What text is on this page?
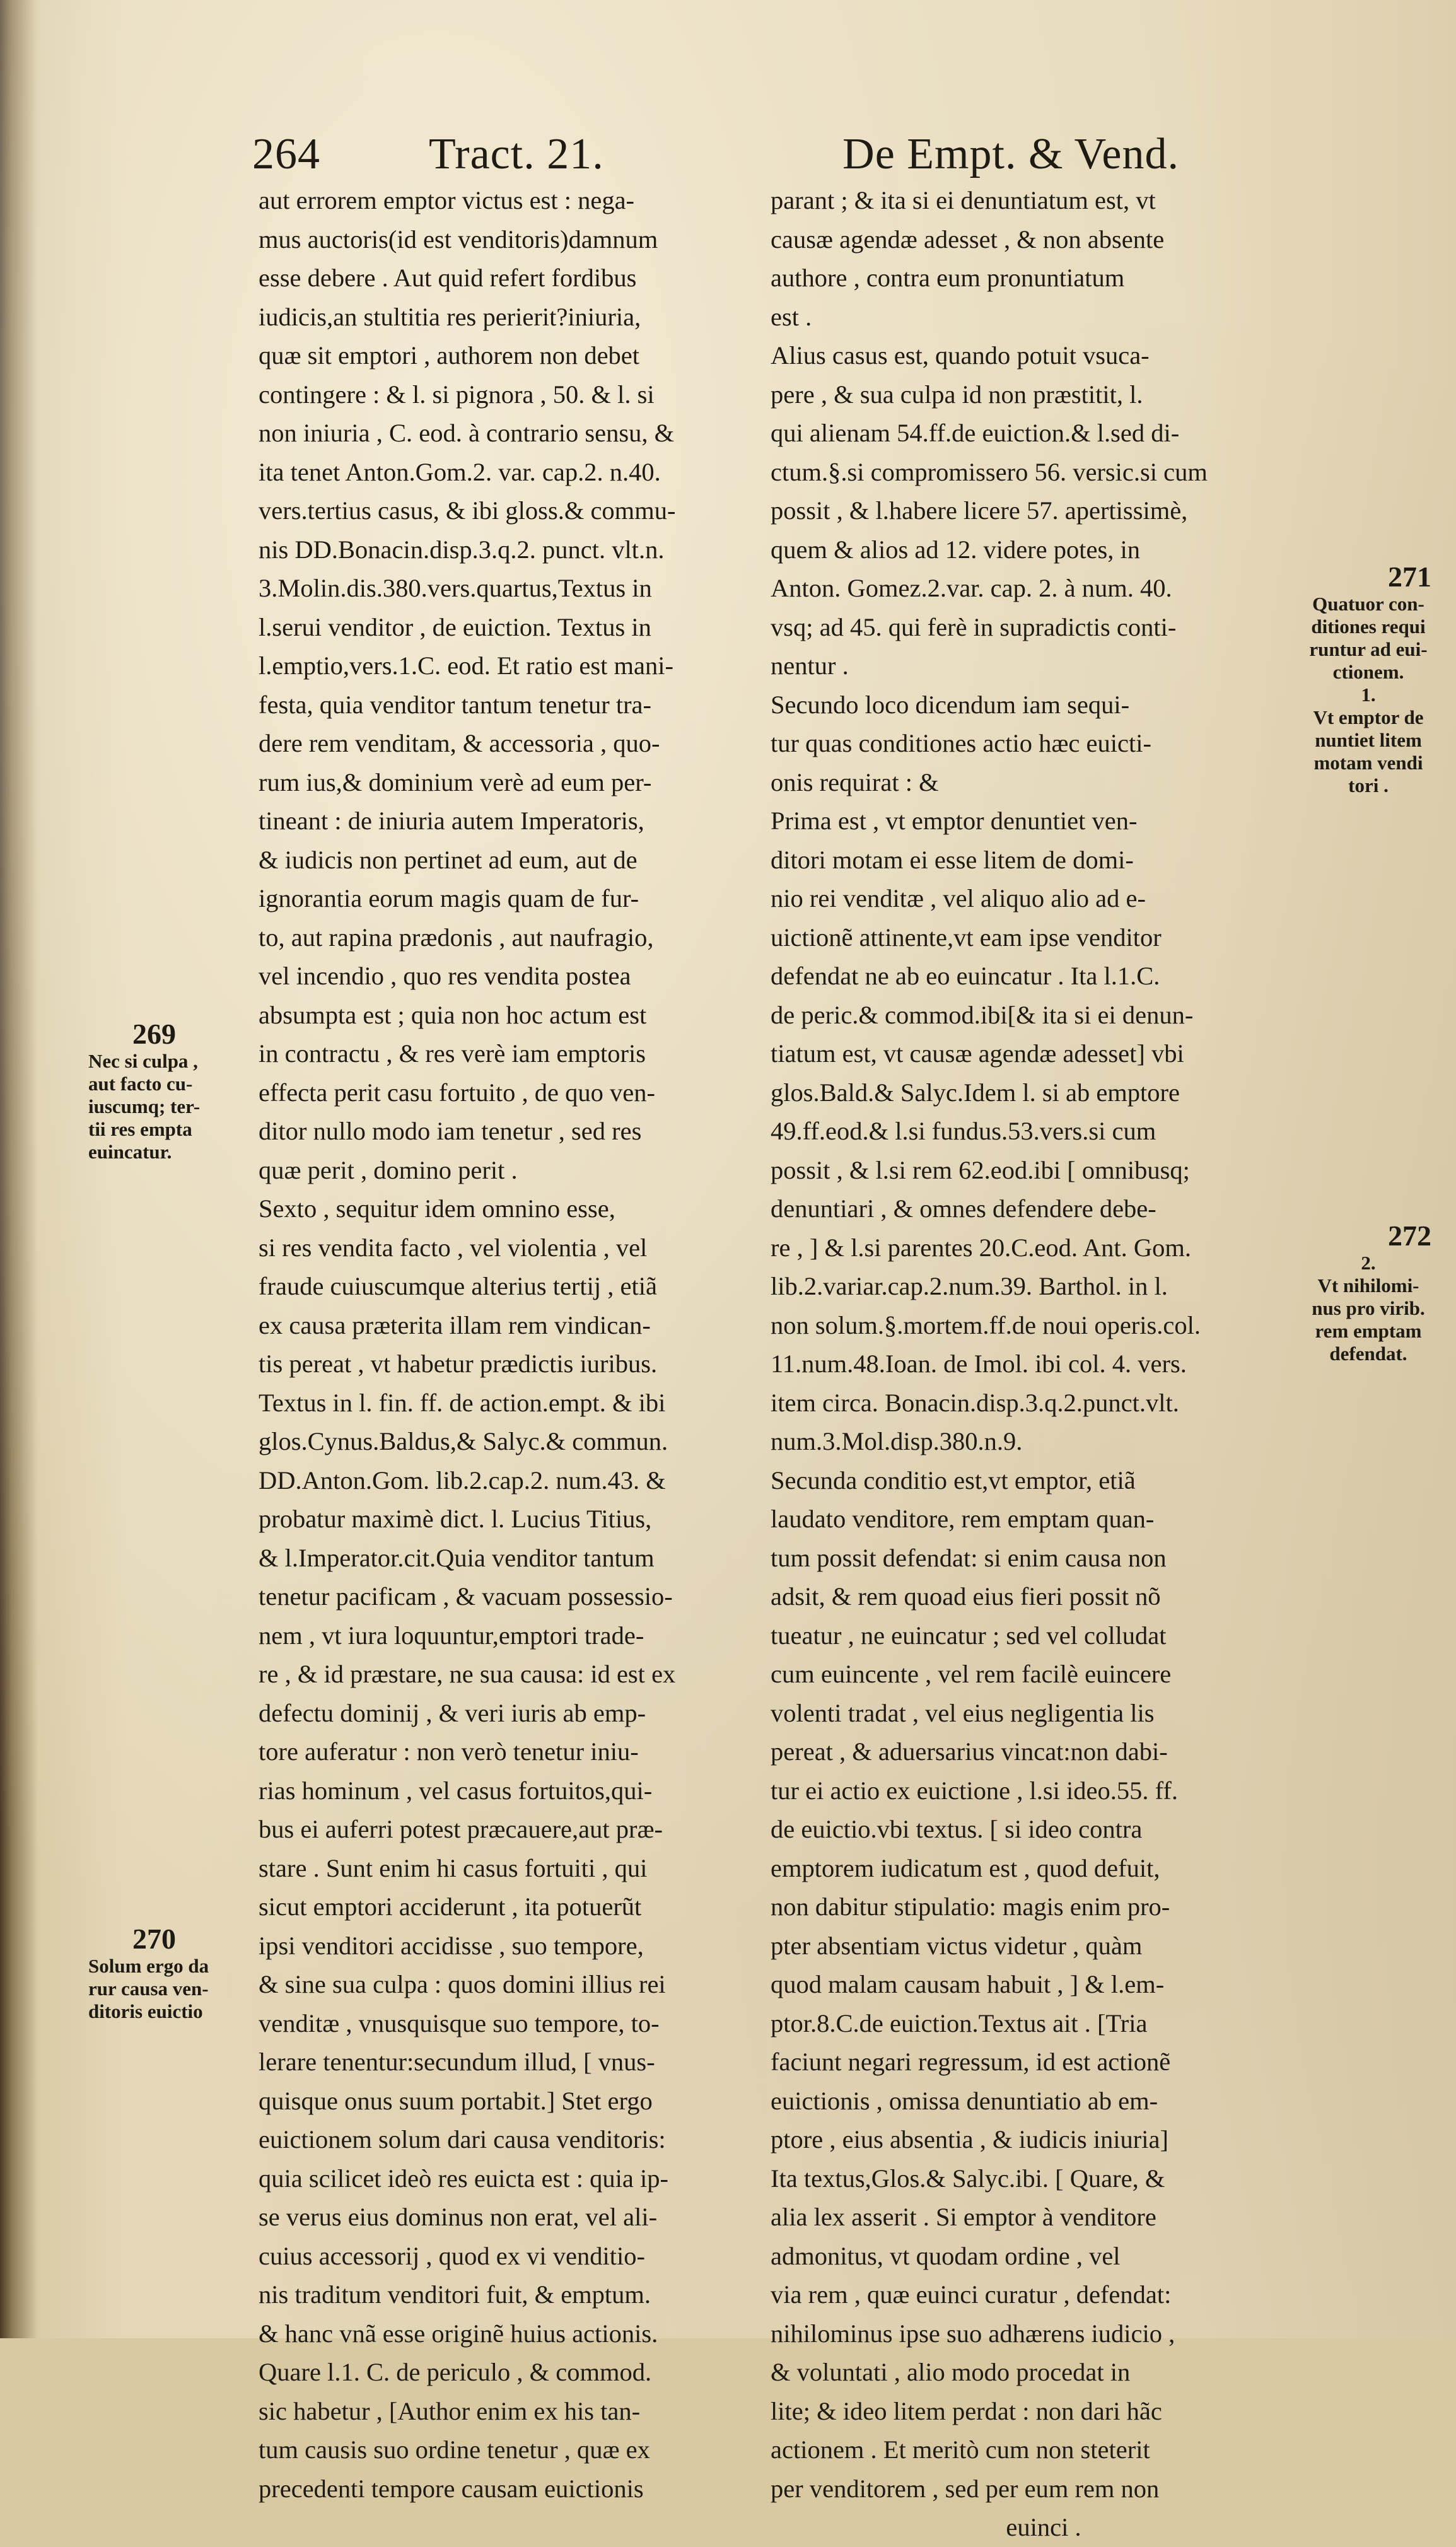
264 Tract. 21.	De Empt. & Vend.

aut errorem emptor victus est : nega-
mus auctoris(id est venditoris)damnum
esse debere . Aut quid refert fordibus
iudicis,an stultitia res perierit?iniuria,
quæ sit emptori , authorem non debet
contingere : & l. si pignora , 50. & l. si
non iniuria , C. eod. à contrario sensu, &
ita tenet Anton.Gom.2. var. cap.2. n.40.
vers.tertius casus, & ibi gloss.& commu-
nis DD.Bonacin.disp.3.q.2. punct. vlt.n.
3.Molin.dis.380.vers.quartus,Textus in
l.serui venditor , de euiction. Textus in
l.emptio,vers.1.C. eod. Et ratio est mani-
festa, quia venditor tantum tenetur tra-
dere rem venditam, & accessoria , quo-
rum ius,& dominium verè ad eum per-
tineant : de iniuria autem Imperatoris,
& iudicis non pertinet ad eum, aut de
ignorantia eorum magis quam de fur-
to, aut rapina prædonis , aut naufragio,
vel incendio , quo res vendita postea
absumpta est ; quia non hoc actum est
in contractu , & res verè iam emptoris
effecta perit casu fortuito , de quo ven-
ditor nullo modo iam tenetur , sed res
quæ perit , domino perit .

Sexto , sequitur idem omnino esse,
si res vendita facto , vel violentia , vel
fraude cuiuscumque alterius tertij , etiã
ex causa præterita illam rem vindican-
tis pereat , vt habetur prædictis iuribus.
Textus in l. fin. ff. de action.empt. & ibi
glos.Cynus.Baldus,& Salyc.& commun.
DD.Anton.Gom. lib.2.cap.2. num.43. &
probatur maximè dict. l. Lucius Titius,
& l.Imperator.cit.Quia venditor tantum
tenetur pacificam , & vacuam possessio-
nem , vt iura loquuntur,emptori trade-
re , & id præstare, ne sua causa: id est ex
defectu dominij , & veri iuris ab emp-
tore auferatur : non verò tenetur iniu-
rias hominum , vel casus fortuitos,qui-
bus ei auferri potest præcauere,aut præ-
stare . Sunt enim hi casus fortuiti , qui
sicut emptori acciderunt , ita potuerũt
ipsi venditori accidisse , suo tempore,
& sine sua culpa : quos domini illius rei
venditæ , vnusquisque suo tempore, to-
lerare tenentur:secundum illud, [ vnus-
quisque onus suum portabit.] Stet ergo
euictionem solum dari causa venditoris:
quia scilicet ideò res euicta est : quia ip-
se verus eius dominus non erat, vel ali-
cuius accessorij , quod ex vi venditio-
nis traditum venditori fuit, & emptum.
& hanc vnã esse originẽ huius actionis.
Quare l.1. C. de periculo , & commod.
sic habetur , [Author enim ex his tan-
tum causis suo ordine tenetur , quæ ex
precedenti tempore causam euictionis

parant ; & ita si ei denuntiatum est, vt
causæ agendæ adesset , & non absente
authore , contra eum pronuntiatum
est .

Alius casus est, quando potuit vsuca-
pere , & sua culpa id non præstitit, l.
qui alienam 54.ff.de euiction.& l.sed di-
ctum.§.si compromissero 56. versic.si cum
possit , & l.habere licere 57. apertissimè,
quem & alios ad 12. videre potes, in
Anton. Gomez.2.var. cap. 2. à num. 40.
vsq; ad 45. qui ferè in supradictis conti-
nentur .

Secundo loco dicendum iam sequi-
tur quas conditiones actio hæc euicti-
onis requirat : &

Prima est , vt emptor denuntiet ven-
ditori motam ei esse litem de domi-
nio rei venditæ , vel aliquo alio ad e-
uictionẽ attinente,vt eam ipse venditor
defendat ne ab eo euincatur . Ita l.1.C.
de peric.& commod.ibi[& ita si ei denun-
tiatum est, vt causæ agendæ adesset] vbi
glos.Bald.& Salyc.Idem l. si ab emptore
49.ff.eod.& l.si fundus.53.vers.si cum
possit , & l.si rem 62.eod.ibi [ omnibusq;
denuntiari , & omnes defendere debe-
re , ] & l.si parentes 20.C.eod. Ant. Gom.
lib.2.variar.cap.2.num.39. Barthol. in l.
non solum.§.mortem.ff.de noui operis.col.
11.num.48.Ioan. de Imol. ibi col. 4. vers.
item circa. Bonacin.disp.3.q.2.punct.vlt.
num.3.Mol.disp.380.n.9.

Secunda conditio est,vt emptor, etiã
laudato venditore, rem emptam quan-
tum possit defendat: si enim causa non
adsit, & rem quoad eius fieri possit nõ
tueatur , ne euincatur ; sed vel colludat
cum euincente , vel rem facilè euincere
volenti tradat , vel eius negligentia lis
pereat , & aduersarius vincat:non dabi-
tur ei actio ex euictione , l.si ideo.55. ff.
de euictio.vbi textus. [ si ideo contra
emptorem iudicatum est , quod defuit,
non dabitur stipulatio: magis enim pro-
pter absentiam victus videtur , quàm
quod malam causam habuit , ] & l.em-
ptor.8.C.de euiction.Textus ait . [Tria
faciunt negari regressum, id est actionẽ
euictionis , omissa denuntiatio ab em-
ptore , eius absentia , & iudicis iniuria]
Ita textus,Glos.& Salyc.ibi. [ Quare, &
alia lex asserit . Si emptor à venditore
admonitus, vt quodam ordine , vel
via rem , quæ euinci curatur , defendat:
nihilominus ipse suo adhærens iudicio ,
& voluntati , alio modo procedat in
lite; & ideo litem perdat : non dari hãc
actionem . Et meritò cum non steterit
per venditorem , sed per eum rem non

euinci .

269
Nec si culpa ,
aut facto cu-
iuscumq; ter-
tii res empta
euincatur.
270
Solum ergo da
rur causa ven-
ditoris euictio
271
Quatuor con-
ditiones requi
runtur ad eui-
ctionem.
1.
Vt emptor de
nuntiet litem
motam vendi
tori .
272
2.
Vt nihilomi-
nus pro virib.
rem emptam
defendat.
